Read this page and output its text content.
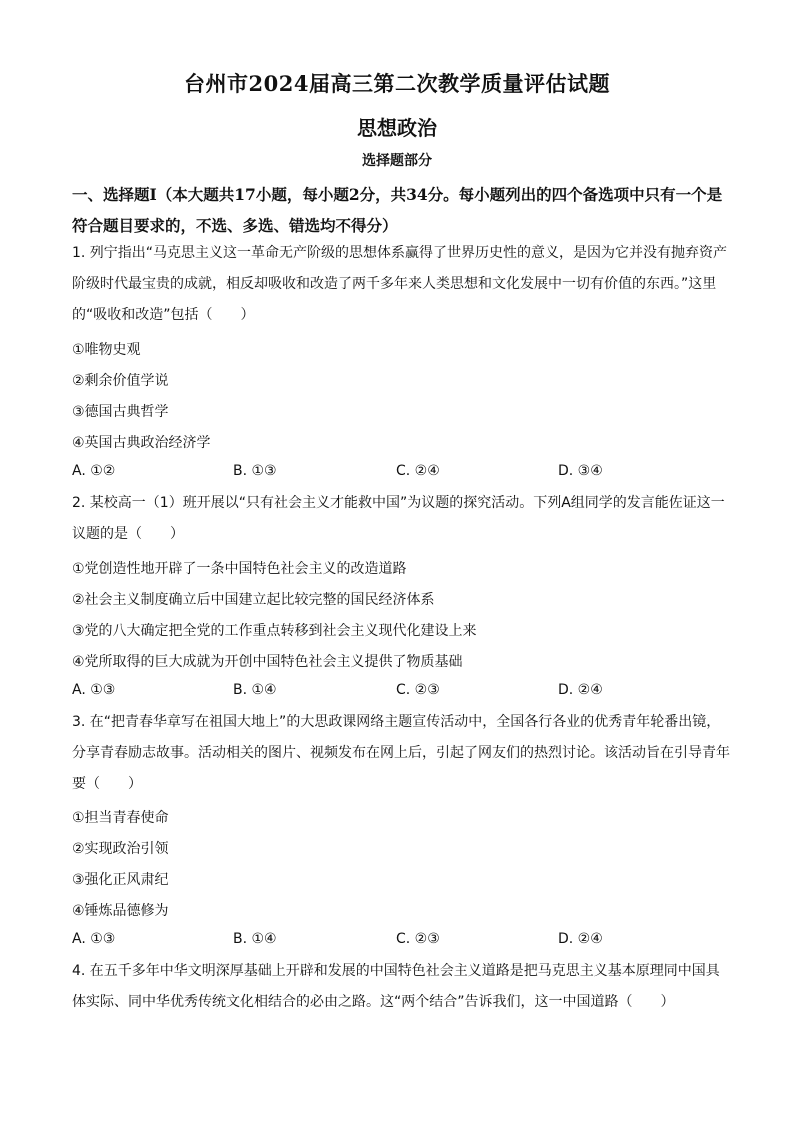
台州市2024届高三第二次教学质量评估试题
思想政治
选择题部分
一、选择题Ⅰ（本大题共17小题，每小题2分，共34分。每小题列出的四个备选项中只有一个是符合题目要求的，不选、多选、错选均不得分）
1. 列宁指出“马克思主义这一革命无产阶级的思想体系赢得了世界历史性的意义，是因为它并没有抛弃资产阶级时代最宝贵的成就，相反却吸收和改造了两千多年来人类思想和文化发展中一切有价值的东西。”这里的“吸收和改造”包括（　　）
①唯物史观
②剩余价值学说
③德国古典哲学
④英国古典政治经济学
A. ①②	B. ①③	C. ②④	D. ③④
2. 某校高一（1）班开展以“只有社会主义才能救中国”为议题的探究活动。下列A组同学的发言能佐证这一议题的是（　　）
①党创造性地开辟了一条中国特色社会主义的改造道路
②社会主义制度确立后中国建立起比较完整的国民经济体系
③党的八大确定把全党的工作重点转移到社会主义现代化建设上来
④党所取得的巨大成就为开创中国特色社会主义提供了物质基础
A. ①③	B. ①④	C. ②③	D. ②④
3. 在“把青春华章写在祖国大地上”的大思政课网络主题宣传活动中，全国各行各业的优秀青年轮番出镜，分享青春励志故事。活动相关的图片、视频发布在网上后，引起了网友们的热烈讨论。该活动旨在引导青年要（　　）
①担当青春使命
②实现政治引领
③强化正风肃纪
④锤炼品德修为
A. ①③	B. ①④	C. ②③	D. ②④
4. 在五千多年中华文明深厚基础上开辟和发展的中国特色社会主义道路是把马克思主义基本原理同中国具体实际、同中华优秀传统文化相结合的必由之路。这“两个结合”告诉我们，这一中国道路（　　）
